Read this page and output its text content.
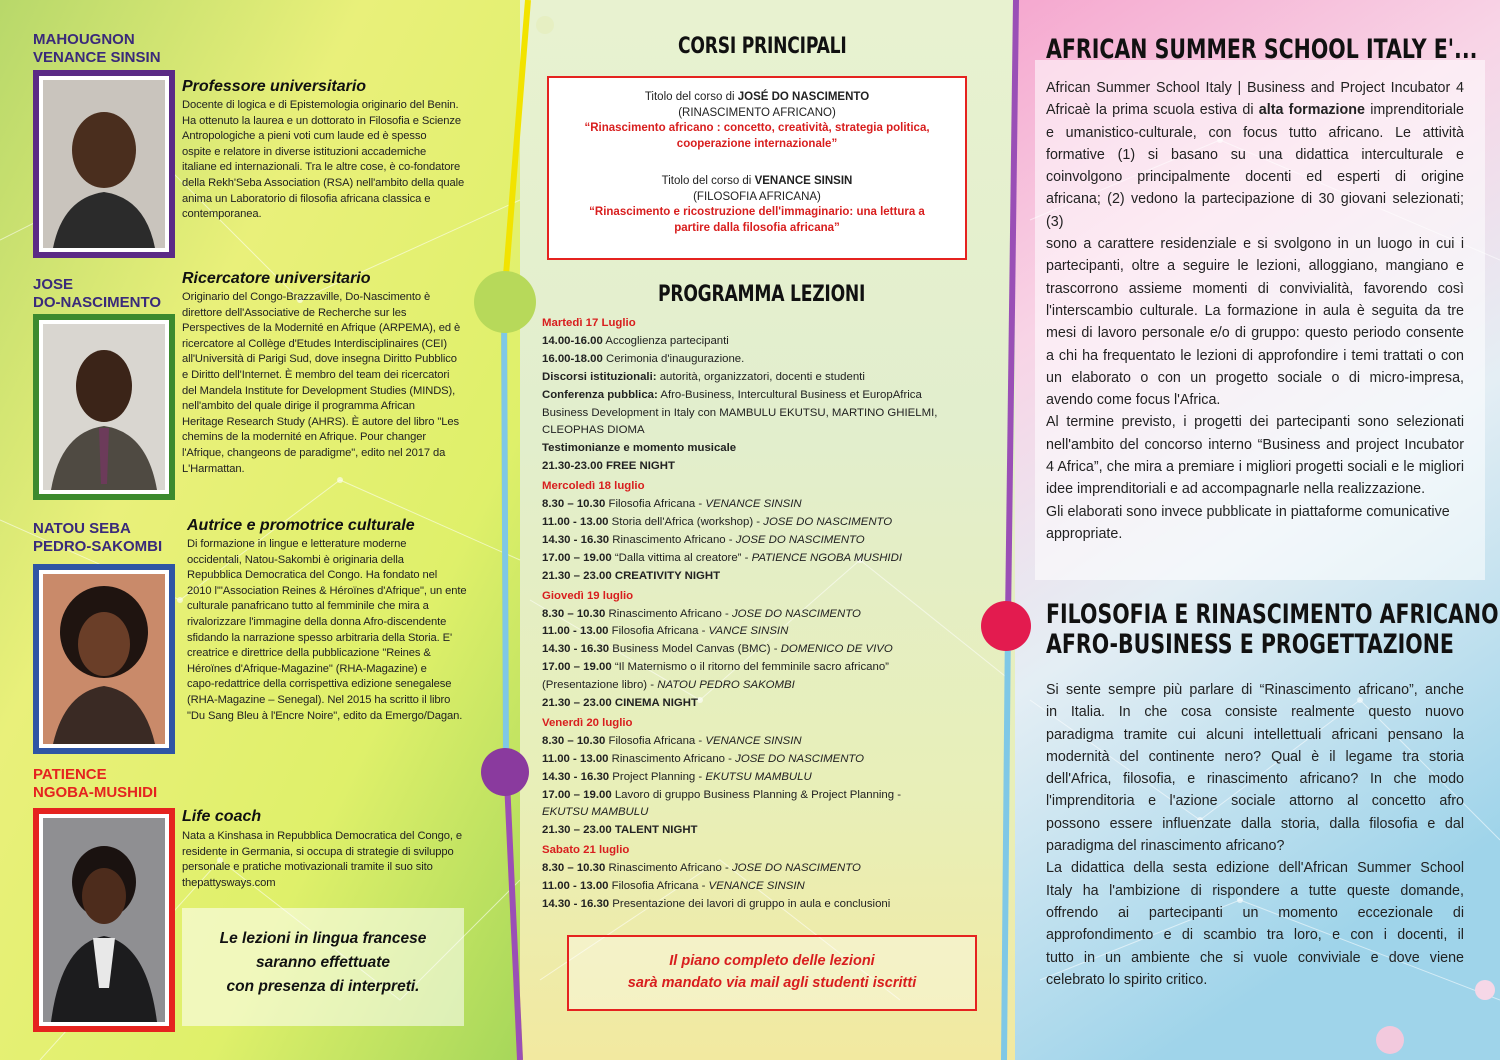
MAHOUGNON
VENANCE SINSIN
Professore universitario
Docente di logica e di Epistemologia originario del Benin.
Ha ottenuto la laurea e un dottorato in Filosofia e Scienze
Antropologiche a pieni voti cum laude ed è spesso
ospite e relatore in diverse istituzioni accademiche
italiane ed internazionali. Tra le altre cose, è co-fondatore
della Rekh'Seba Association (RSA) nell'ambito della quale
anima un Laboratorio di filosofia africana classica e
contemporanea.
JOSE
DO-NASCIMENTO
Ricercatore universitario
Originario del Congo-Brazzaville, Do-Nascimento è
direttore dell'Associative de Recherche sur les
Perspectives de la Modernité en Afrique (ARPEMA), ed è
ricercatore al Collège d'Etudes Interdisciplinaires (CEI)
all'Università di Parigi Sud, dove insegna Diritto Pubblico
e Diritto dell'Internet. È membro del team dei ricercatori
del Mandela Institute for Development Studies (MINDS),
nell'ambito del quale dirige il programma African
Heritage Research Study (AHRS). È autore del libro "Les
chemins de la modernité en Afrique. Pour changer
l'Afrique, changeons de paradigme", edito nel 2017 da
L'Harmattan.
NATOU SEBA
PEDRO-SAKOMBI
Autrice e promotrice culturale
Di formazione in lingue e letterature moderne
occidentali, Natou-Sakombi è originaria della
Repubblica Democratica del Congo. Ha fondato nel
2010 l'"Association Reines & Héroïnes d'Afrique", un ente
culturale panafricano tutto al femminile che mira a
rivalorizzare l'immagine della donna Afro-discendente
sfidando la narrazione spesso arbitraria della Storia. E'
creatrice e direttrice della pubblicazione "Reines &
Héroïnes d'Afrique-Magazine" (RHA-Magazine) e
capo-redattrice della corrispettiva edizione senegalese
(RHA-Magazine – Senegal). Nel 2015 ha scritto il libro
"Du Sang Bleu à l'Encre Noire", edito da Emergo/Dagan.
PATIENCE
NGOBA-MUSHIDI
Life coach
Nata a Kinshasa in Repubblica Democratica del Congo, e
residente in Germania, si occupa di strategie di sviluppo
personale e pratiche motivazionali tramite il suo sito
thepattysways.com
Le lezioni in lingua francese
saranno effettuate
con presenza di interpreti.
CORSI PRINCIPALI
Titolo del corso di JOSÉ DO NASCIMENTO
(RINASCIMENTO AFRICANO)
“Rinascimento africano : concetto, creatività, strategia politica,
cooperazione internazionale”
Titolo del corso di VENANCE SINSIN
(FILOSOFIA AFRICANA)
“Rinascimento e ricostruzione dell'immaginario: una lettura a
partire dalla filosofia africana”
PROGRAMMA LEZIONI
Martedì 17 Luglio
14.00-16.00 Accoglienza partecipanti
16.00-18.00 Cerimonia d'inaugurazione.
Discorsi istituzionali: autorità, organizzatori, docenti e studenti
Conferenza pubblica: Afro-Business, Intercultural Business et EuropAfrica
Business Development in Italy con MAMBULU EKUTSU, MARTINO GHIELMI,
CLEOPHAS DIOMA
Testimonianze e momento musicale
21.30-23.00 FREE NIGHT
Mercoledì 18 luglio
8.30 – 10.30 Filosofia Africana - VENANCE SINSIN
11.00 - 13.00 Storia dell'Africa (workshop) - JOSE DO NASCIMENTO
14.30 - 16.30 Rinascimento Africano - JOSE DO NASCIMENTO
17.00 – 19.00 “Dalla vittima al creatore” - PATIENCE NGOBA MUSHIDI
21.30 – 23.00 CREATIVITY NIGHT
Giovedì 19 luglio
8.30 – 10.30 Rinascimento Africano - JOSE DO NASCIMENTO
11.00 - 13.00 Filosofia Africana - VANCE SINSIN
14.30 - 16.30 Business Model Canvas (BMC) - DOMENICO DE VIVO
17.00 – 19.00 “Il Maternismo o il ritorno del femminile sacro africano”
(Presentazione libro) - NATOU PEDRO SAKOMBI
21.30 – 23.00 CINEMA NIGHT
Venerdì 20 luglio
8.30 – 10.30 Filosofia Africana - VENANCE SINSIN
11.00 - 13.00 Rinascimento Africano - JOSE DO NASCIMENTO
14.30 - 16.30 Project Planning - EKUTSU MAMBULU
17.00 – 19.00 Lavoro di gruppo Business Planning & Project Planning -
EKUTSU MAMBULU
21.30 – 23.00 TALENT NIGHT
Sabato 21 luglio
8.30 – 10.30 Rinascimento Africano - JOSE DO NASCIMENTO
11.00 - 13.00 Filosofia Africana - VENANCE SINSIN
14.30 - 16.30 Presentazione dei lavori di gruppo in aula e conclusioni
Il piano completo delle lezioni
sarà mandato via mail agli studenti iscritti
AFRICAN SUMMER SCHOOL ITALY E'...
African Summer School Italy | Business and Project Incubator 4
Africaè la prima scuola estiva di alta formazione imprenditoriale
e umanistico-culturale, con focus tutto africano. Le attività
formative (1) si basano su una didattica interculturale e
coinvolgono principalmente docenti ed esperti di origine
africana; (2) vedono la partecipazione di 30 giovani selezionati; (3)
sono a carattere residenziale e si svolgono in un luogo in cui i
partecipanti, oltre a seguire le lezioni, alloggiano, mangiano e
trascorrono assieme momenti di convivialità, favorendo così
l'interscambio culturale. La formazione in aula è seguita da tre
mesi di lavoro personale e/o di gruppo: questo periodo consente
a chi ha frequentato le lezioni di approfondire i temi trattati o con
un elaborato o con un progetto sociale o di micro-impresa,
avendo come focus l'Africa.
Al termine previsto, i progetti dei partecipanti sono selezionati
nell'ambito del concorso interno “Business and project Incubator
4 Africa”, che mira a premiare i migliori progetti sociali e le migliori
idee imprenditoriali e ad accompagnarle nella realizzazione.
Gli elaborati sono invece pubblicate in piattaforme comunicative
appropriate.
FILOSOFIA E RINASCIMENTO AFRICANO
AFRO-BUSINESS E PROGETTAZIONE
Si sente sempre più parlare di “Rinascimento africano”, anche
in Italia. In che cosa consiste realmente questo nuovo
paradigma tramite cui alcuni intellettuali africani pensano la
modernità del continente nero? Qual è il legame tra storia
dell'Africa, filosofia, e rinascimento africano? In che modo
l'imprenditoria e l'azione sociale attorno al concetto afro
possono essere influenzate dalla storia, dalla filosofia e dal
paradigma del rinascimento africano?
La didattica della sesta edizione dell'African Summer School
Italy ha l'ambizione di rispondere a tutte queste domande,
offrendo ai partecipanti un momento eccezionale di
approfondimento e di scambio tra loro, e con i docenti, il
tutto in un ambiente che si vuole conviviale e dove viene
celebrato lo spirito critico.
